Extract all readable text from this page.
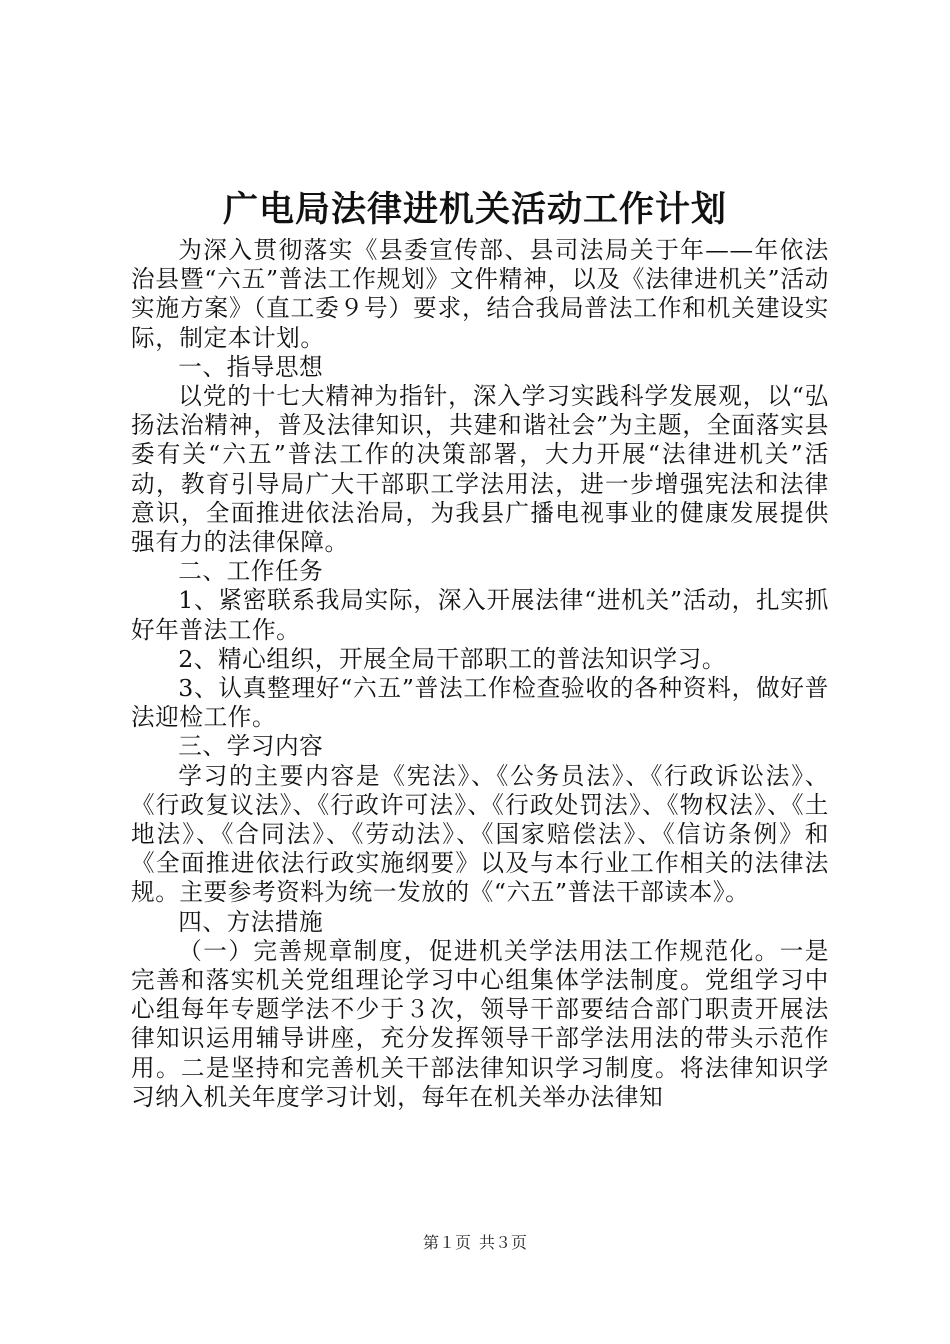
广电局法律进机关活动工作计划

为深入贯彻落实《县委宣传部、县司法局关于年——年依法治县暨“六五”普法工作规划》文件精神，以及《法律进机关”活动实施方案》（直工委９号）要求，结合我局普法工作和机关建设实际，制定本计划。

一、指导思想

以党的十七大精神为指针，深入学习实践科学发展观，以“弘扬法治精神，普及法律知识，共建和谐社会”为主题，全面落实县委有关“六五”普法工作的决策部署，大力开展“法律进机关”活动，教育引导局广大干部职工学法用法，进一步增强宪法和法律意识，全面推进依法治局，为我县广播电视事业的健康发展提供强有力的法律保障。

二、工作任务

1、紧密联系我局实际，深入开展法律“进机关”活动，扎实抓好年普法工作。

2、精心组织，开展全局干部职工的普法知识学习。

3、认真整理好“六五”普法工作检查验收的各种资料，做好普法迎检工作。

三、学习内容

学习的主要内容是《宪法》、《公务员法》、《行政诉讼法》、《行政复议法》、《行政许可法》、《行政处罚法》、《物权法》、《土地法》、《合同法》、《劳动法》、《国家赔偿法》、《信访条例》和《全面推进依法行政实施纲要》以及与本行业工作相关的法律法规。主要参考资料为统一发放的《“六五”普法干部读本》。

四、方法措施

（一）完善规章制度，促进机关学法用法工作规范化。一是完善和落实机关党组理论学习中心组集体学法制度。党组学习中心组每年专题学法不少于３次，领导干部要结合部门职责开展法律知识运用辅导讲座，充分发挥领导干部学法用法的带头示范作用。二是坚持和完善机关干部法律知识学习制度。将法律知识学习纳入机关年度学习计划，每年在机关举办法律知

第１页 共３页
